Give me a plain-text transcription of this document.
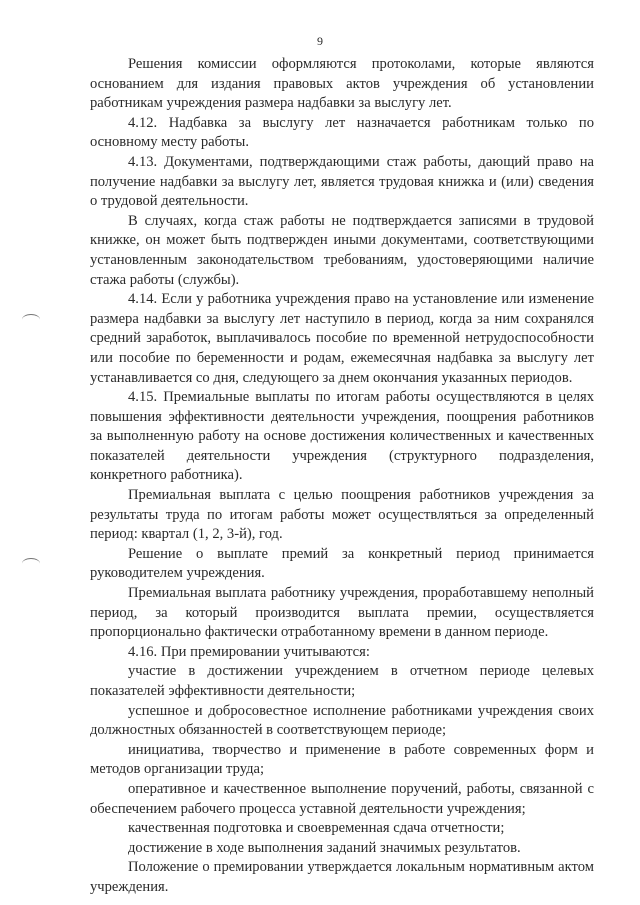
9

Решения комиссии оформляются протоколами, которые являются основанием для издания правовых актов учреждения об установлении работникам учреждения размера надбавки за выслугу лет.

4.12. Надбавка за выслугу лет назначается работникам только по основному месту работы.

4.13. Документами, подтверждающими стаж работы, дающий право на получение надбавки за выслугу лет, является трудовая книжка и (или) сведения о трудовой деятельности.

В случаях, когда стаж работы не подтверждается записями в трудовой книжке, он может быть подтвержден иными документами, соответствующими установленным законодательством требованиям, удостоверяющими наличие стажа работы (службы).

4.14. Если у работника учреждения право на установление или изменение размера надбавки за выслугу лет наступило в период, когда за ним сохранялся средний заработок, выплачивалось пособие по временной нетрудоспособности или пособие по беременности и родам, ежемесячная надбавка за выслугу лет устанавливается со дня, следующего за днем окончания указанных периодов.

4.15. Премиальные выплаты по итогам работы осуществляются в целях повышения эффективности деятельности учреждения, поощрения работников за выполненную работу на основе достижения количественных и качественных показателей деятельности учреждения (структурного подразделения, конкретного работника).

Премиальная выплата с целью поощрения работников учреждения за результаты труда по итогам работы может осуществляться за определенный период: квартал (1, 2, 3-й), год.

Решение о выплате премий за конкретный период принимается руководителем учреждения.

Премиальная выплата работнику учреждения, проработавшему неполный период, за который производится выплата премии, осуществляется пропорционально фактически отработанному времени в данном периоде.

4.16. При премировании учитываются:

участие в достижении учреждением в отчетном периоде целевых показателей эффективности деятельности;

успешное и добросовестное исполнение работниками учреждения своих должностных обязанностей в соответствующем периоде;

инициатива, творчество и применение в работе современных форм и методов организации труда;

оперативное и качественное выполнение поручений, работы, связанной с обеспечением рабочего процесса уставной деятельности учреждения;

качественная подготовка и своевременная сдача отчетности;

достижение в ходе выполнения заданий значимых результатов.

Положение о премировании утверждается локальным нормативным актом учреждения.
